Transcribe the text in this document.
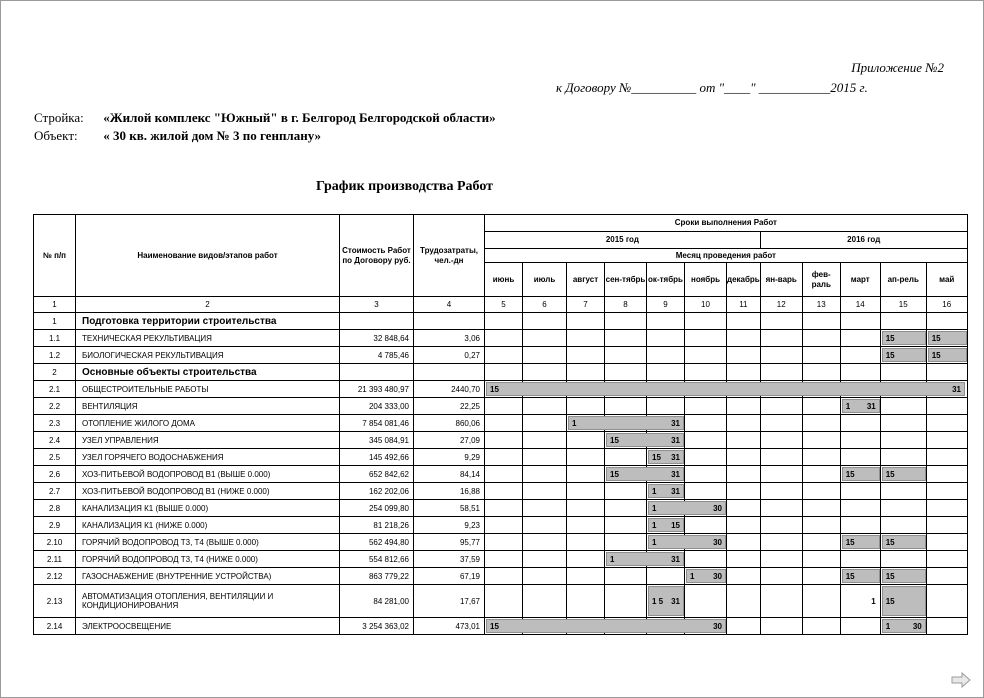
Приложение №2
к Договору №__________ от "____" ___________2015 г.
Стройка: «Жилой комплекс "Южный" в г. Белгород Белгородской области»
Объект: « 30 кв. жилой дом № 3 по генплану»
График производства Работ
№ п/п	Наименование видов/этапов работ	Стоимость Работ по Договору руб.	Трудозатраты, чел.-дн	Сроки выполнения Работ											
				2015 год							2016 год				
				Месяц проведения работ											
				июнь	июль	август	сен-тябрь	ок-тябрь	ноябрь	декабрь	ян-варь	фев-раль	март	ап-рель	май
1	2	3	4	5	6	7	8	9	10	11	12	13	14	15	16
1	Подготовка территории строительства														
1.1	ТЕХНИЧЕСКАЯ РЕКУЛЬТИВАЦИЯ	32 848,64	3,06											15	15

1.2	БИОЛОГИЧЕСКАЯ РЕКУЛЬТИВАЦИЯ	4 785,46	0,27											15	15

2	Основные объекты строительства														
2.1	ОБЩЕСТРОИТЕЛЬНЫЕ РАБОТЫ	21 393 480,97	2440,70	15 31											

2.2	ВЕНТИЛЯЦИЯ	204 333,00	22,25										1 31		

2.3	ОТОПЛЕНИЕ ЖИЛОГО ДОМА	7 854 081,46	860,06			1 31									

2.4	УЗЕЛ УПРАВЛЕНИЯ	345 084,91	27,09				15 31								

2.5	УЗЕЛ ГОРЯЧЕГО ВОДОСНАБЖЕНИЯ	145 492,66	9,29					15 31							

2.6	ХОЗ-ПИТЬЕВОЙ ВОДОПРОВОД В1 (ВЫШЕ 0.000)	652 842,62	84,14				15 31						15	15	

2.7	ХОЗ-ПИТЬЕВОЙ ВОДОПРОВОД В1 (НИЖЕ 0.000)	162 202,06	16,88					1 31							

2.8	КАНАЛИЗАЦИЯ К1 (ВЫШЕ 0.000)	254 099,80	58,51					1 30							

2.9	КАНАЛИЗАЦИЯ К1 (НИЖЕ 0.000)	81 218,26	9,23					1 15							

2.10	ГОРЯЧИЙ ВОДОПРОВОД Т3, Т4 (ВЫШЕ 0.000)	562 494,80	95,77					1 30					15	15	

2.11	ГОРЯЧИЙ ВОДОПРОВОД Т3, Т4 (НИЖЕ 0.000)	554 812,66	37,59				1 31								

2.12	ГАЗОСНАБЖЕНИЕ (ВНУТРЕННИЕ УСТРОЙСТВА)	863 779,22	67,19						1 30				15	15	

2.13	АВТОМАТИЗАЦИЯ ОТОПЛЕНИЯ, ВЕНТИЛЯЦИИ И КОНДИЦИОНИРОВАНИЯ	84 281,00	17,67					1 5 31					1	15	

2.14	ЭЛЕКТРООСВЕЩЕНИЕ	3 254 363,02	473,01	15 30										1 30	
